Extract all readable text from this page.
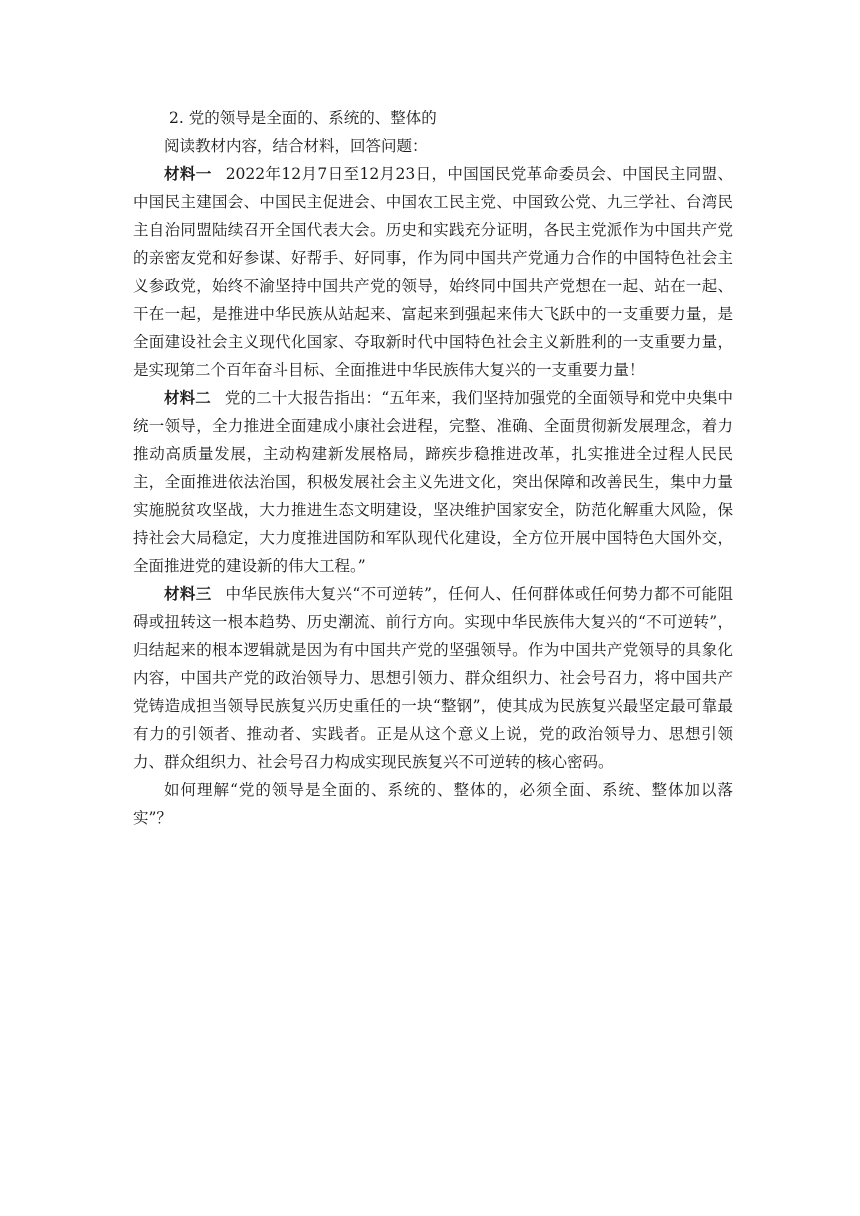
2. 党的领导是全面的、系统的、整体的

阅读教材内容，结合材料，回答问题：

材料一 2022年12月7日至12月23日，中国国民党革命委员会、中国民主同盟、中国民主建国会、中国民主促进会、中国农工民主党、中国致公党、九三学社、台湾民主自治同盟陆续召开全国代表大会。历史和实践充分证明，各民主党派作为中国共产党的亲密友党和好参谋、好帮手、好同事，作为同中国共产党通力合作的中国特色社会主义参政党，始终不渝坚持中国共产党的领导，始终同中国共产党想在一起、站在一起、干在一起，是推进中华民族从站起来、富起来到强起来伟大飞跃中的一支重要力量，是全面建设社会主义现代化国家、夺取新时代中国特色社会主义新胜利的一支重要力量，是实现第二个百年奋斗目标、全面推进中华民族伟大复兴的一支重要力量！

材料二 党的二十大报告指出：“五年来，我们坚持加强党的全面领导和党中央集中统一领导，全力推进全面建成小康社会进程，完整、准确、全面贯彻新发展理念，着力推动高质量发展，主动构建新发展格局，蹄疾步稳推进改革，扎实推进全过程人民民主，全面推进依法治国，积极发展社会主义先进文化，突出保障和改善民生，集中力量实施脱贫攻坚战，大力推进生态文明建设，坚决维护国家安全，防范化解重大风险，保持社会大局稳定，大力度推进国防和军队现代化建设，全方位开展中国特色大国外交，全面推进党的建设新的伟大工程。”

材料三 中华民族伟大复兴“不可逆转”，任何人、任何群体或任何势力都不可能阻碍或扭转这一根本趋势、历史潮流、前行方向。实现中华民族伟大复兴的“不可逆转”，归结起来的根本逻辑就是因为有中国共产党的坚强领导。作为中国共产党领导的具象化内容，中国共产党的政治领导力、思想引领力、群众组织力、社会号召力，将中国共产党铸造成担当领导民族复兴历史重任的一块“整钢”，使其成为民族复兴最坚定最可靠最有力的引领者、推动者、实践者。正是从这个意义上说，党的政治领导力、思想引领力、群众组织力、社会号召力构成实现民族复兴不可逆转的核心密码。

如何理解“党的领导是全面的、系统的、整体的，必须全面、系统、整体加以落实”？
